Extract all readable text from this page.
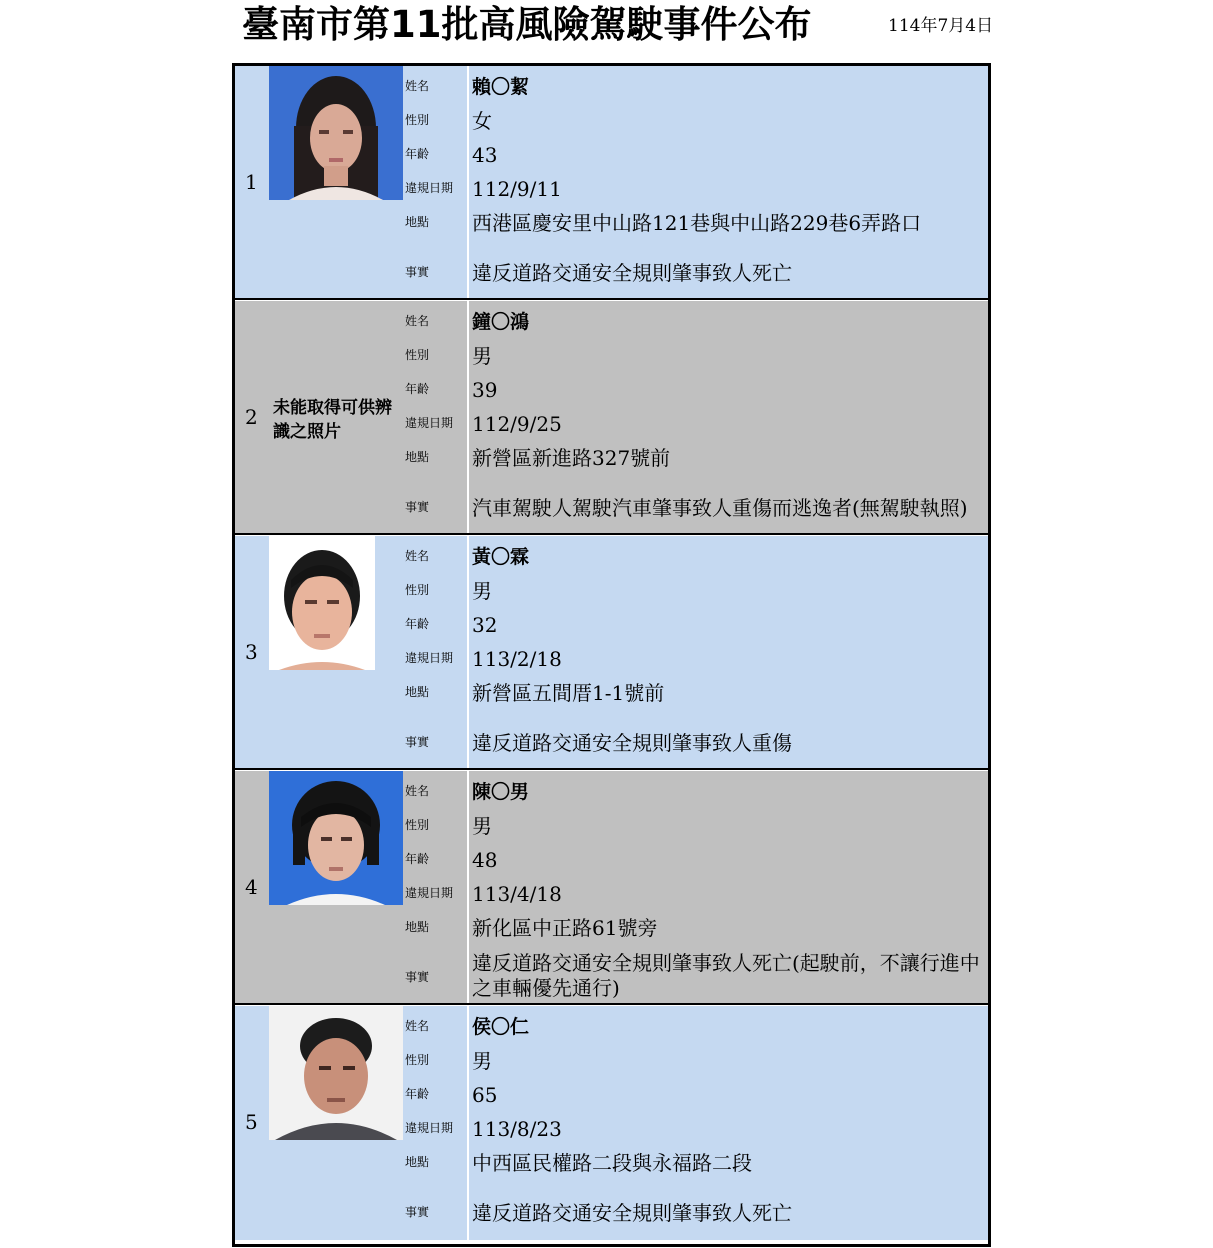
臺南市第11批高風險駕駛事件公布	114年7月4日
1
姓名	賴〇絜
性別	女
年齡	43
違規日期 112/9/11
地點	西港區慶安里中山路121巷與中山路229巷6弄路口
事實	違反道路交通安全規則肇事致人死亡
2 未能取得可供辨識之照片
姓名	鐘〇鴻
性別	男
年齡	39
違規日期 112/9/25
地點	新營區新進路327號前
事實	汽車駕駛人駕駛汽車肇事致人重傷而逃逸者(無駕駛執照)
3
姓名	黃〇霖
性別	男
年齡	32
違規日期 113/2/18
地點	新營區五間厝1-1號前
事實	違反道路交通安全規則肇事致人重傷
4
姓名	陳〇男
性別	男
年齡	48
違規日期 113/4/18
地點	新化區中正路61號旁
事實
違反道路交通安全規則肇事致人死亡(起駛前，不讓行進中之車輛優先通行)
5
姓名	侯〇仁
性別	男
年齡	65
違規日期 113/8/23
地點	中西區民權路二段與永福路二段
事實	違反道路交通安全規則肇事致人死亡
